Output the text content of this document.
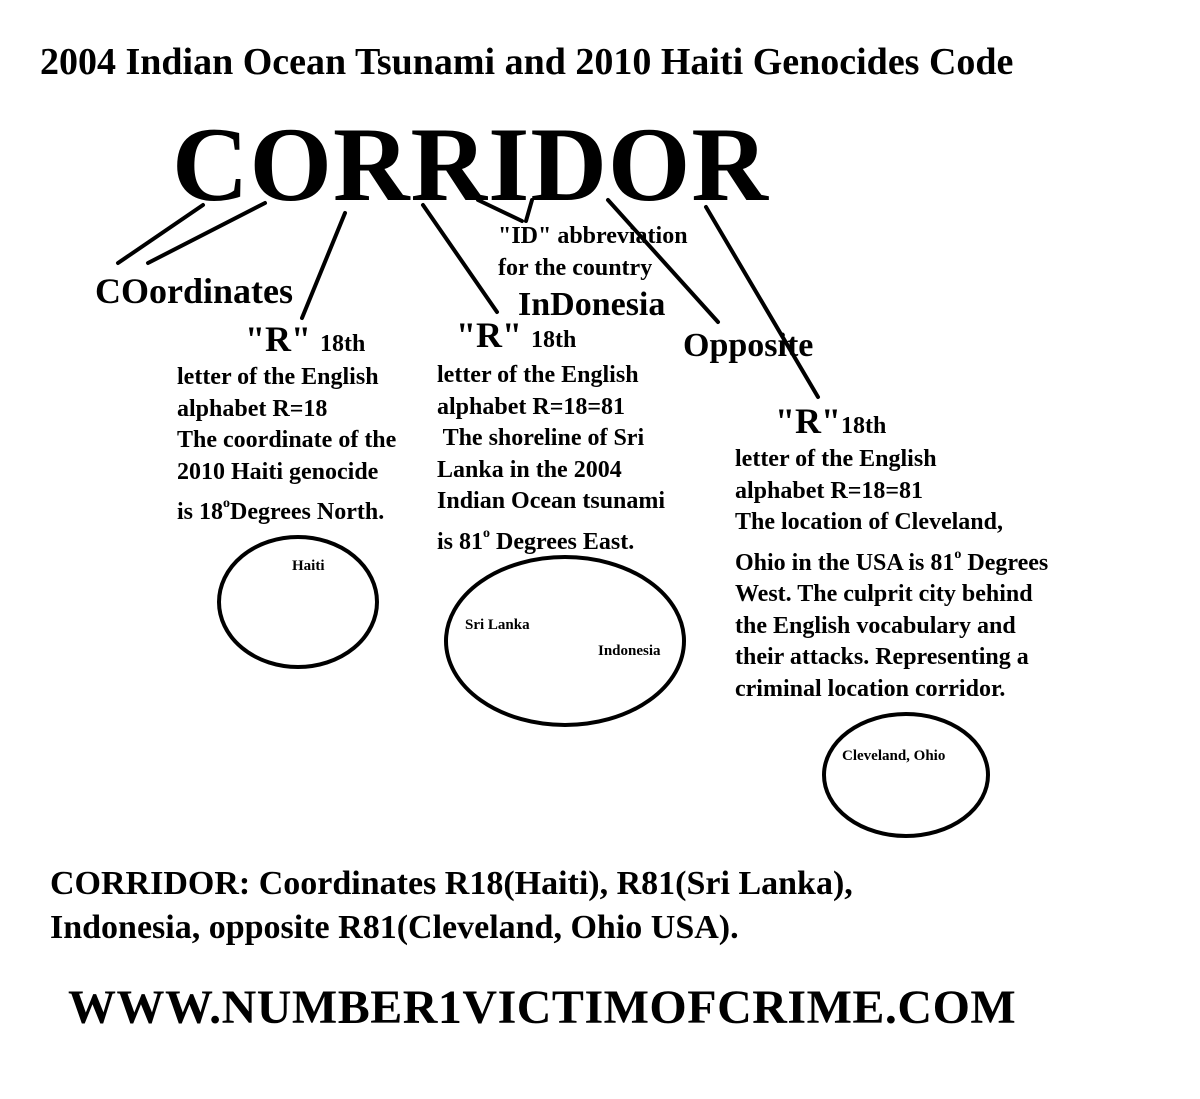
2004 Indian Ocean Tsunami and 2010 Haiti Genocides Code
CORRIDOR
COordinates
"ID" abbreviation
for the country
InDonesia
Opposite
"R" 18th
letter of the English
alphabet R=18
The coordinate of the
2010 Haiti genocide
is 18$^o$Degrees North.
"R" 18th
letter of the English
alphabet R=18=81
The shoreline of Sri
Lanka in the 2004
Indian Ocean tsunami
is 81$^o$ Degrees East.
"R"18th
letter of the English
alphabet R=18=81
The location of Cleveland,
Ohio in the USA is 81$^o$ Degrees
West. The culprit city behind
the English vocabulary and
their attacks. Representing a
criminal location corridor.
Haiti
Sri Lanka
Indonesia
Cleveland, Ohio
CORRIDOR: Coordinates R18(Haiti), R81(Sri Lanka),
Indonesia, opposite R81(Cleveland, Ohio USA).
WWW.NUMBER1VICTIMOFCRIME.COM
